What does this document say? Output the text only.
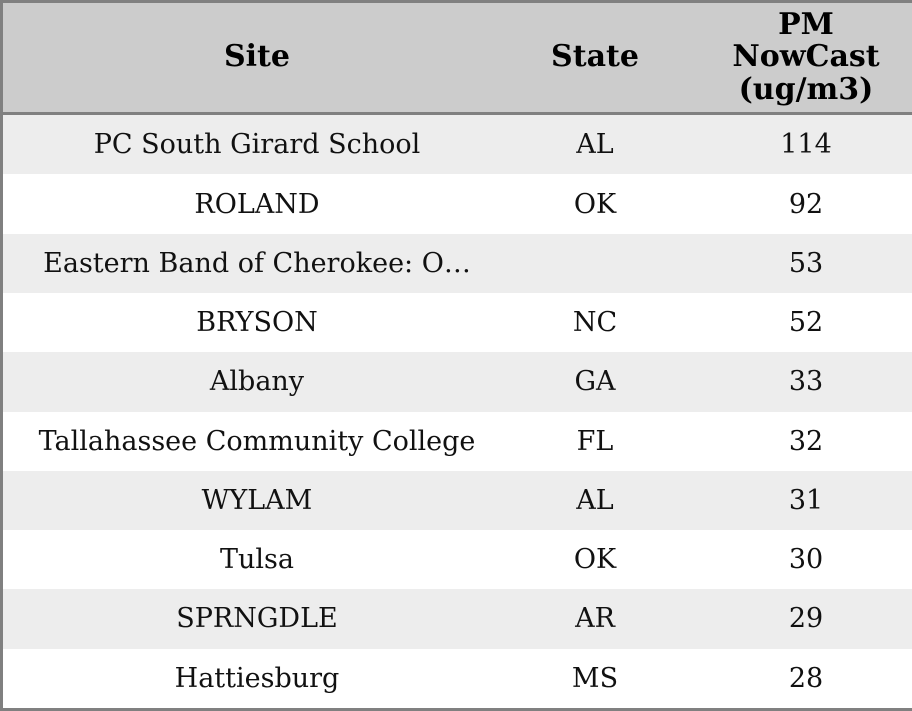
Site	State	PM
NowCast
(ug/m3)

PC South Girard School	AL	114
ROLAND	OK	92
Eastern Band of Cherokee: O…		53
BRYSON	NC	52
Albany	GA	33
Tallahassee Community College	FL	32
WYLAM	AL	31
Tulsa	OK	30
SPRNGDLE	AR	29
Hattiesburg	MS	28
